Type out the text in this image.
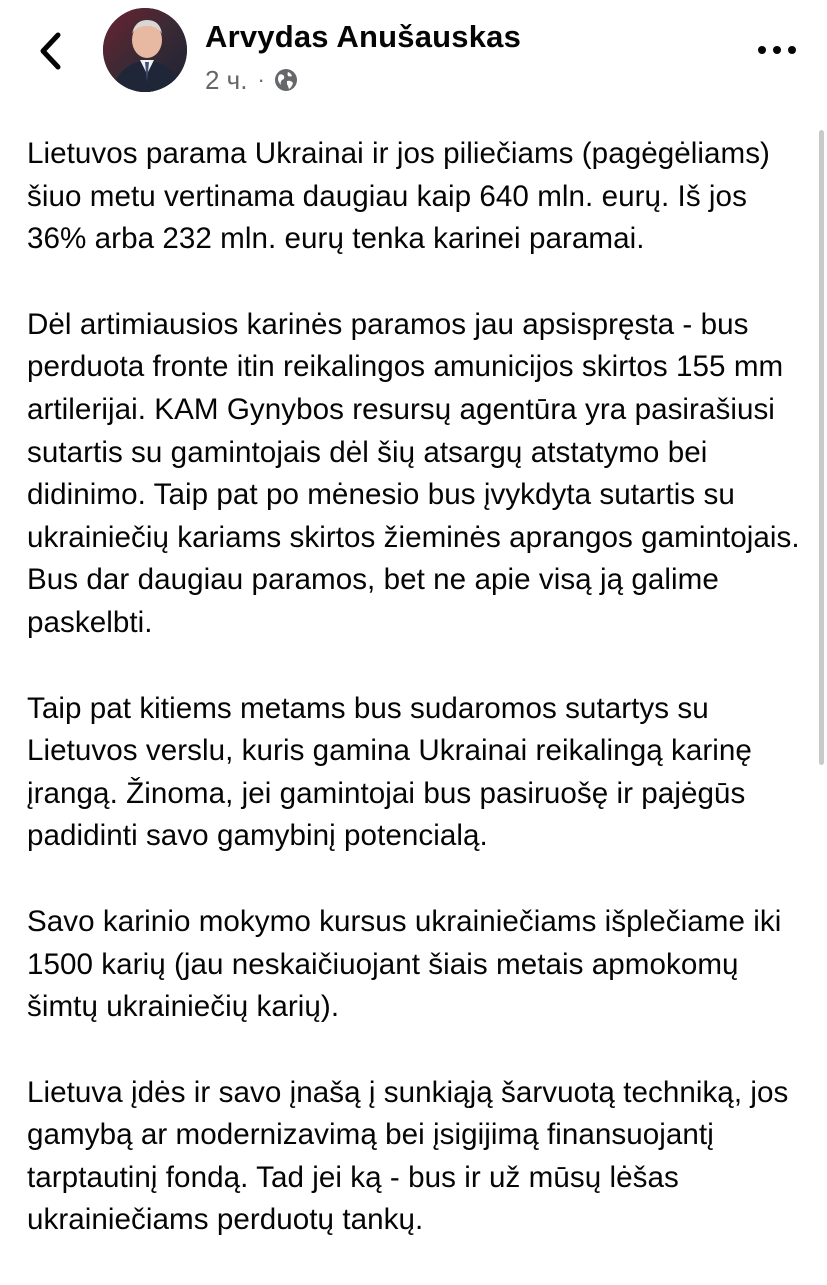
Arvydas Anušauskas
2 ч. ·

Lietuvos parama Ukrainai ir jos piliečiams (pagėgėliams) šiuo metu vertinama daugiau kaip 640 mln. eurų. Iš jos 36% arba 232 mln. eurų tenka karinei paramai.

Dėl artimiausios karinės paramos jau apsispręsta - bus perduota fronte itin reikalingos amunicijos skirtos 155 mm artilerijai. KAM Gynybos resursų agentūra yra pasirašiusi sutartis su gamintojais dėl šių atsargų atstatymo bei didinimo. Taip pat po mėnesio bus įvykdyta sutartis su ukrainiečių kariams skirtos žieminės aprangos gamintojais. Bus dar daugiau paramos, bet ne apie visą ją galime paskelbti.

Taip pat kitiems metams bus sudaromos sutartys su Lietuvos verslu, kuris gamina Ukrainai reikalingą karinę įrangą. Žinoma, jei gamintojai bus pasiruošę ir pajėgūs padidinti savo gamybinį potencialą.

Savo karinio mokymo kursus ukrainiečiams išplečiame iki 1500 karių (jau neskaičiuojant šiais metais apmokomų šimtų ukrainiečių karių).

Lietuva įdės ir savo įnašą į sunkiąją šarvuotą techniką, jos gamybą ar modernizavimą bei įsigijimą finansuojantį tarptautinį fondą. Tad jei ką - bus ir už mūsų lėšas ukrainiečiams perduotų tankų.
